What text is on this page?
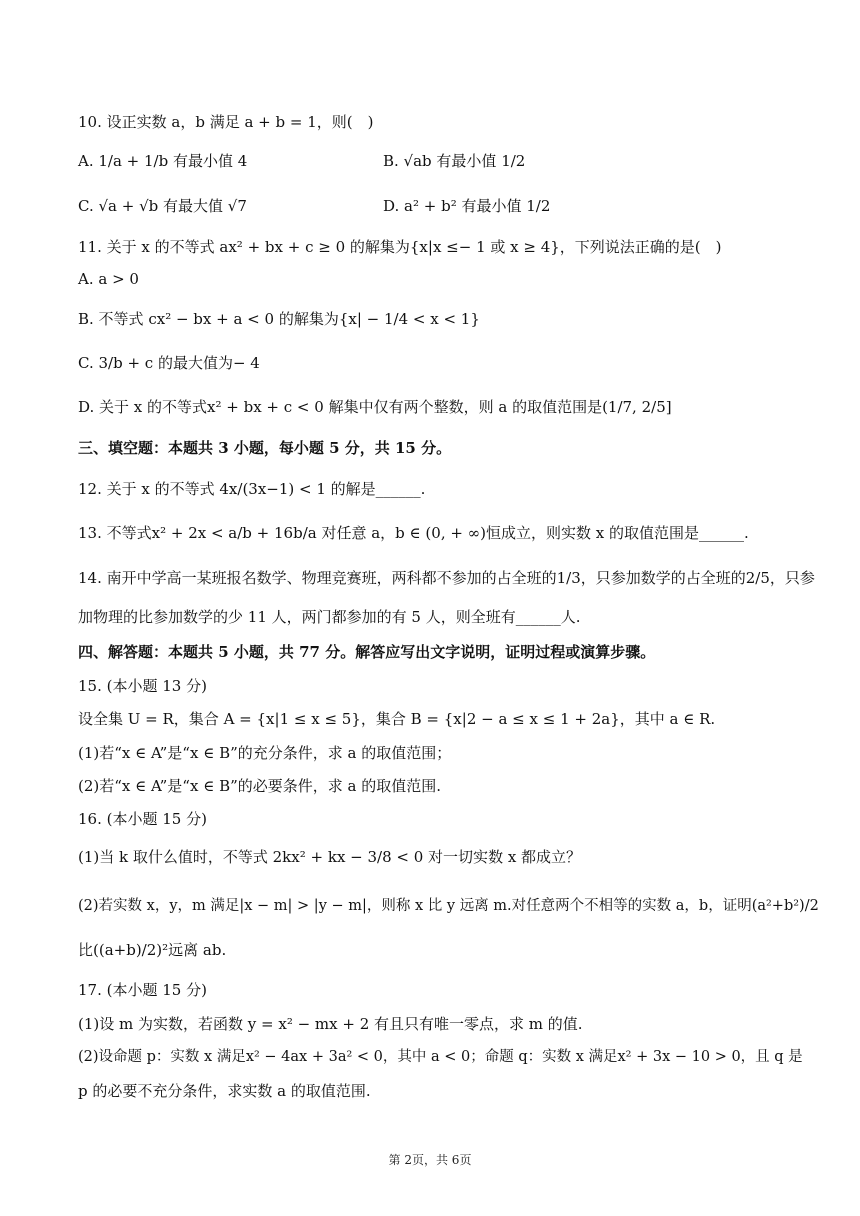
10. 设正实数 a，b 满足 a + b = 1，则(　)
A. 1/a + 1/b 有最小值 4	B. √ab 有最小值 1/2
C. √a + √b 有最大值 √7	D. a² + b² 有最小值 1/2
11. 关于 x 的不等式 ax² + bx + c ≥ 0 的解集为{x|x ≤− 1 或 x ≥ 4}，下列说法正确的是(　)
A. a > 0
B. 不等式 cx² − bx + a < 0 的解集为{x| − 1/4 < x < 1}
C. 3/b + c 的最大值为− 4
D. 关于 x 的不等式x² + bx + c < 0 解集中仅有两个整数，则 a 的取值范围是(1/7, 2/5]
三、填空题：本题共 3 小题，每小题 5 分，共 15 分。
12. 关于 x 的不等式 4x/(3x−1) < 1 的解是______.
13. 不等式x² + 2x < a/b + 16b/a 对任意 a，b ∈ (0, + ∞)恒成立，则实数 x 的取值范围是______.
14. 南开中学高一某班报名数学、物理竞赛班，两科都不参加的占全班的1/3，只参加数学的占全班的2/5，只参
加物理的比参加数学的少 11 人，两门都参加的有 5 人，则全班有______人.
四、解答题：本题共 5 小题，共 77 分。解答应写出文字说明，证明过程或演算步骤。
15. (本小题 13 分)
设全集 U = R，集合 A = {x|1 ≤ x ≤ 5}，集合 B = {x|2 − a ≤ x ≤ 1 + 2a}，其中 a ∈ R.
(1)若“x ∈ A”是“x ∈ B”的充分条件，求 a 的取值范围；
(2)若“x ∈ A”是“x ∈ B”的必要条件，求 a 的取值范围.
16. (本小题 15 分)
(1)当 k 取什么值时，不等式 2kx² + kx − 3/8 < 0 对一切实数 x 都成立？
(2)若实数 x，y，m 满足|x − m| > |y − m|，则称 x 比 y 远离 m.对任意两个不相等的实数 a，b，证明(a²+b²)/2
比((a+b)/2)²远离 ab.
17. (本小题 15 分)
(1)设 m 为实数，若函数 y = x² − mx + 2 有且只有唯一零点，求 m 的值.
(2)设命题 p：实数 x 满足x² − 4ax + 3a² < 0，其中 a < 0；命题 q：实数 x 满足x² + 3x − 10 > 0，且 q 是
p 的必要不充分条件，求实数 a 的取值范围.
第 2页，共 6页
